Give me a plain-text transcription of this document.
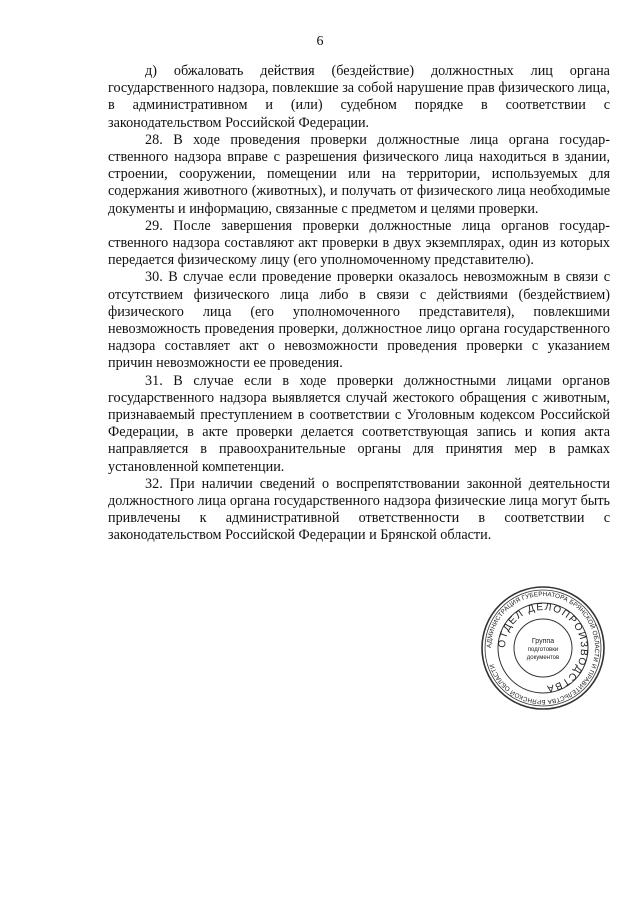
6

д) обжаловать действия (бездействие) должностных лиц органа государственного надзора, повлекшие за собой нарушение прав физического лица, в административном и (или) судебном порядке в соответствии с законодательством Российской Федерации.

28. В ходе проведения проверки должностные лица органа государственного надзора вправе с разрешения физического лица находиться в здании, строении, сооружении, помещении или на территории, используемых для содержания животного (животных), и получать от физического лица необходимые документы и информацию, связанные с предметом и целями проверки.

29. После завершения проверки должностные лица органов государственного надзора составляют акт проверки в двух экземплярах, один из которых передается физическому лицу (его уполномоченному представителю).

30. В случае если проведение проверки оказалось невозможным в связи с отсутствием физического лица либо в связи с действиями (бездействием) физического лица (его уполномоченного представителя), повлекшими невозможность проведения проверки, должностное лицо органа государственного надзора составляет акт о невозможности проведения проверки с указанием причин невозможности ее проведения.

31. В случае если в ходе проверки должностными лицами органов государственного надзора выявляется случай жестокого обращения с животным, признаваемый преступлением в соответствии с Уголовным кодексом Российской Федерации, в акте проверки делается соответствующая запись и копия акта направляется в правоохранительные органы для принятия мер в рамках установленной компетенции.

32. При наличии сведений о воспрепятствовании законной деятельности должностного лица органа государственного надзора физические лица могут быть привлечены к административной ответственности в соответствии с законодательством Российской Федерации и Брянской области.

АДМИНИСТРАЦИЯ ГУБЕРНАТОРА БРЯНСКОЙ ОБЛАСТИ И ПРАВИТЕЛЬСТВА БРЯНСКОЙ ОБЛАСТИ
ОТДЕЛ ДЕЛОПРОИЗВОДСТВА
Группа
подготовки
документов
